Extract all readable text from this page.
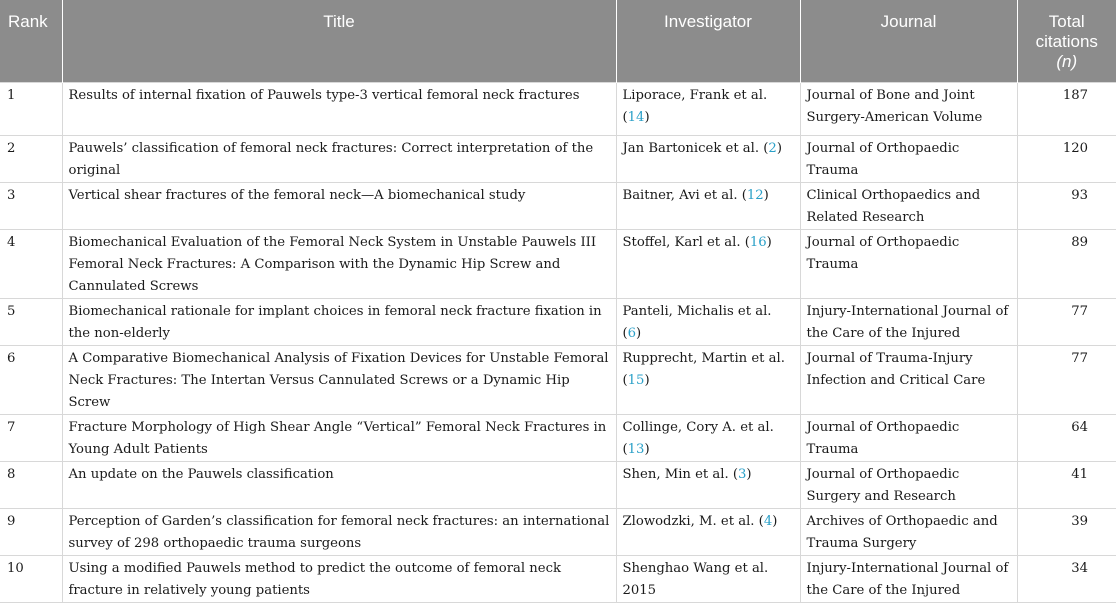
Rank	Title	Investigator	Journal	Total
citations
(n)
1	Results of internal fixation of Pauwels type-3 vertical femoral neck fractures	Liporace, Frank et al. (14)	Journal of Bone and Joint Surgery-American Volume	187
2	Pauwels’ classification of femoral neck fractures: Correct interpretation of the original	Jan Bartonicek et al. (2)	Journal of Orthopaedic Trauma	120
3	Vertical shear fractures of the femoral neck—A biomechanical study	Baitner, Avi et al. (12)	Clinical Orthopaedics and Related Research	93
4	Biomechanical Evaluation of the Femoral Neck System in Unstable Pauwels III Femoral Neck Fractures: A Comparison with the Dynamic Hip Screw and Cannulated Screws	Stoffel, Karl et al. (16)	Journal of Orthopaedic Trauma	89
5	Biomechanical rationale for implant choices in femoral neck fracture fixation in the non-elderly	Panteli, Michalis et al. (6)	Injury-International Journal of the Care of the Injured	77
6	A Comparative Biomechanical Analysis of Fixation Devices for Unstable Femoral Neck Fractures: The Intertan Versus Cannulated Screws or a Dynamic Hip Screw	Rupprecht, Martin et al. (15)	Journal of Trauma-Injury Infection and Critical Care	77
7	Fracture Morphology of High Shear Angle “Vertical” Femoral Neck Fractures in Young Adult Patients	Collinge, Cory A. et al. (13)	Journal of Orthopaedic Trauma	64
8	An update on the Pauwels classification	Shen, Min et al. (3)	Journal of Orthopaedic Surgery and Research	41
9	Perception of Garden’s classification for femoral neck fractures: an international survey of 298 orthopaedic trauma surgeons	Zlowodzki, M. et al. (4)	Archives of Orthopaedic and Trauma Surgery	39
10	Using a modified Pauwels method to predict the outcome of femoral neck fracture in relatively young patients	Shenghao Wang et al. 2015	Injury-International Journal of the Care of the Injured	34
